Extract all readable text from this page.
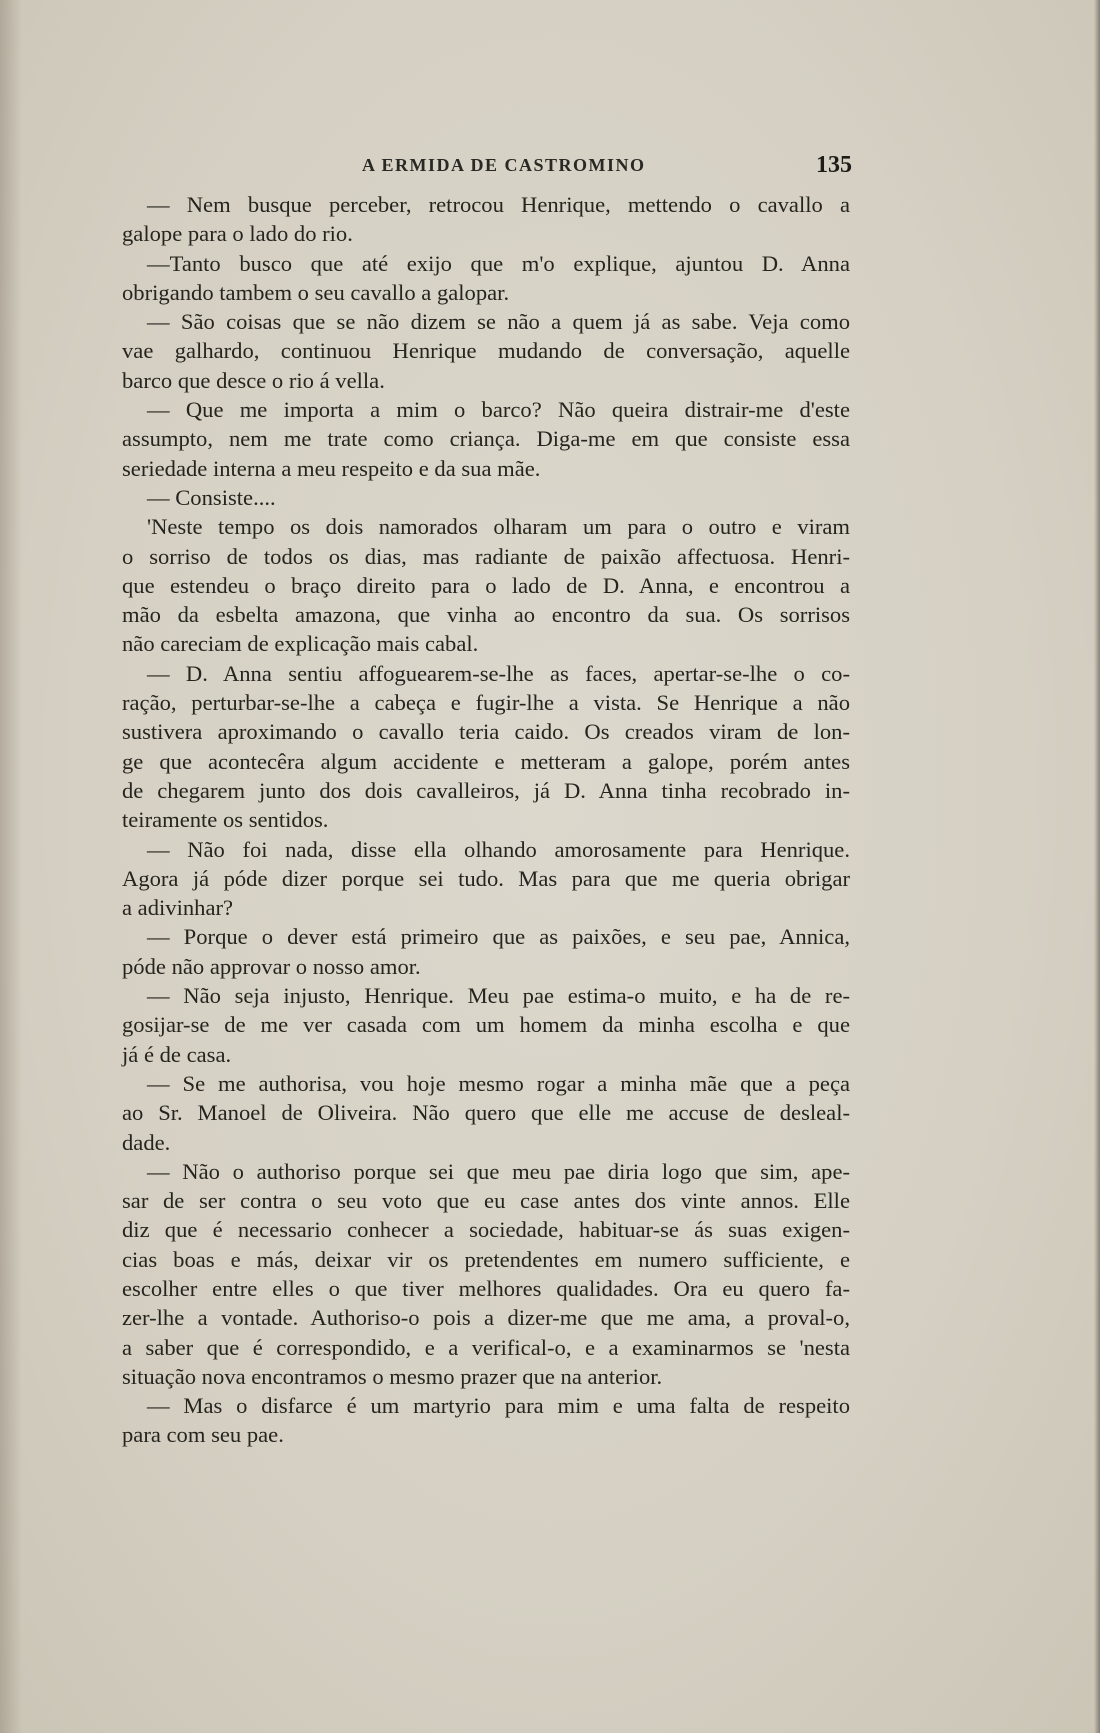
A ERMIDA DE CASTROMINO	135
— Nem busque perceber, retrocou Henrique, mettendo o cavallo a
galope para o lado do rio.
—Tanto busco que até exijo que m'o explique, ajuntou D. Anna
obrigando tambem o seu cavallo a galopar.
— São coisas que se não dizem se não a quem já as sabe. Veja como
vae galhardo, continuou Henrique mudando de conversação, aquelle
barco que desce o rio á vella.
— Que me importa a mim o barco? Não queira distrair-me d'este
assumpto, nem me trate como criança. Diga-me em que consiste essa
seriedade interna a meu respeito e da sua mãe.
— Consiste....
'Neste tempo os dois namorados olharam um para o outro e viram
o sorriso de todos os dias, mas radiante de paixão affectuosa. Henri-
que estendeu o braço direito para o lado de D. Anna, e encontrou a
mão da esbelta amazona, que vinha ao encontro da sua. Os sorrisos
não careciam de explicação mais cabal.
— D. Anna sentiu affoguearem-se-lhe as faces, apertar-se-lhe o co-
ração, perturbar-se-lhe a cabeça e fugir-lhe a vista. Se Henrique a não
sustivera aproximando o cavallo teria caido. Os creados viram de lon-
ge que acontecêra algum accidente e metteram a galope, porém antes
de chegarem junto dos dois cavalleiros, já D. Anna tinha recobrado in-
teiramente os sentidos.
— Não foi nada, disse ella olhando amorosamente para Henrique.
Agora já póde dizer porque sei tudo. Mas para que me queria obrigar
a adivinhar?
— Porque o dever está primeiro que as paixões, e seu pae, Annica,
póde não approvar o nosso amor.
— Não seja injusto, Henrique. Meu pae estima-o muito, e ha de re-
gosijar-se de me ver casada com um homem da minha escolha e que
já é de casa.
— Se me authorisa, vou hoje mesmo rogar a minha mãe que a peça
ao Sr. Manoel de Oliveira. Não quero que elle me accuse de desleal-
dade.
— Não o authoriso porque sei que meu pae diria logo que sim, ape-
sar de ser contra o seu voto que eu case antes dos vinte annos. Elle
diz que é necessario conhecer a sociedade, habituar-se ás suas exigen-
cias boas e más, deixar vir os pretendentes em numero sufficiente, e
escolher entre elles o que tiver melhores qualidades. Ora eu quero fa-
zer-lhe a vontade. Authoriso-o pois a dizer-me que me ama, a proval-o,
a saber que é correspondido, e a verifical-o, e a examinarmos se 'nesta
situação nova encontramos o mesmo prazer que na anterior.
— Mas o disfarce é um martyrio para mim e uma falta de respeito
para com seu pae.
